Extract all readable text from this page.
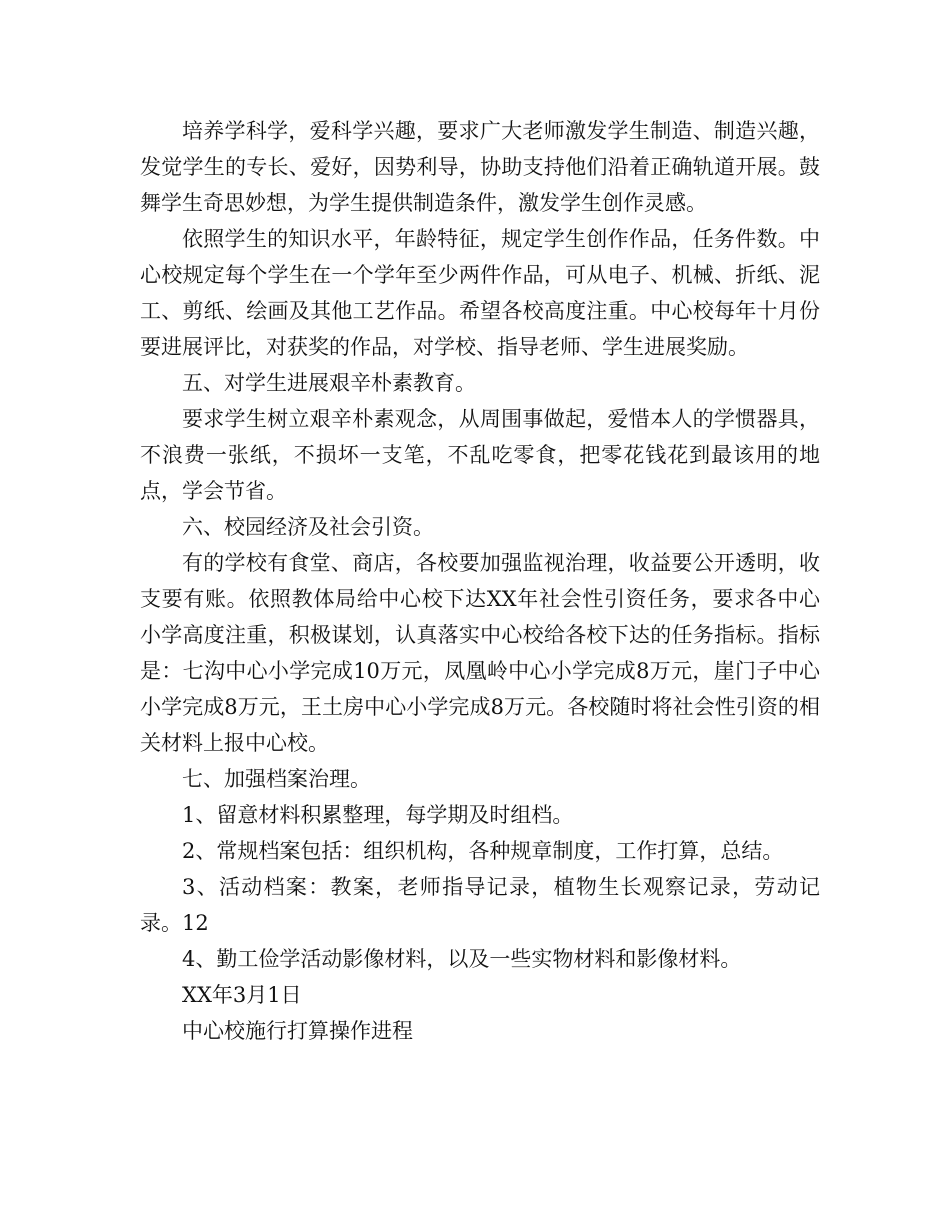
培养学科学，爱科学兴趣，要求广大老师激发学生制造、制造兴趣，发觉学生的专长、爱好，因势利导，协助支持他们沿着正确轨道开展。鼓舞学生奇思妙想，为学生提供制造条件，激发学生创作灵感。

依照学生的知识水平，年龄特征，规定学生创作作品，任务件数。中心校规定每个学生在一个学年至少两件作品，可从电子、机械、折纸、泥工、剪纸、绘画及其他工艺作品。希望各校高度注重。中心校每年十月份要进展评比，对获奖的作品，对学校、指导老师、学生进展奖励。

五、对学生进展艰辛朴素教育。

要求学生树立艰辛朴素观念，从周围事做起，爱惜本人的学惯器具，不浪费一张纸，不损坏一支笔，不乱吃零食，把零花钱花到最该用的地点，学会节省。

六、校园经济及社会引资。

有的学校有食堂、商店，各校要加强监视治理，收益要公开透明，收支要有账。依照教体局给中心校下达XX年社会性引资任务，要求各中心小学高度注重，积极谋划，认真落实中心校给各校下达的任务指标。指标是：七沟中心小学完成10万元，凤凰岭中心小学完成8万元，崖门子中心小学完成8万元，王土房中心小学完成8万元。各校随时将社会性引资的相关材料上报中心校。

七、加强档案治理。

1、留意材料积累整理，每学期及时组档。

2、常规档案包括：组织机构，各种规章制度，工作打算，总结。

3、活动档案：教案，老师指导记录，植物生长观察记录，劳动记录。12

4、勤工俭学活动影像材料，以及一些实物材料和影像材料。

XX年3月1日

中心校施行打算操作进程
